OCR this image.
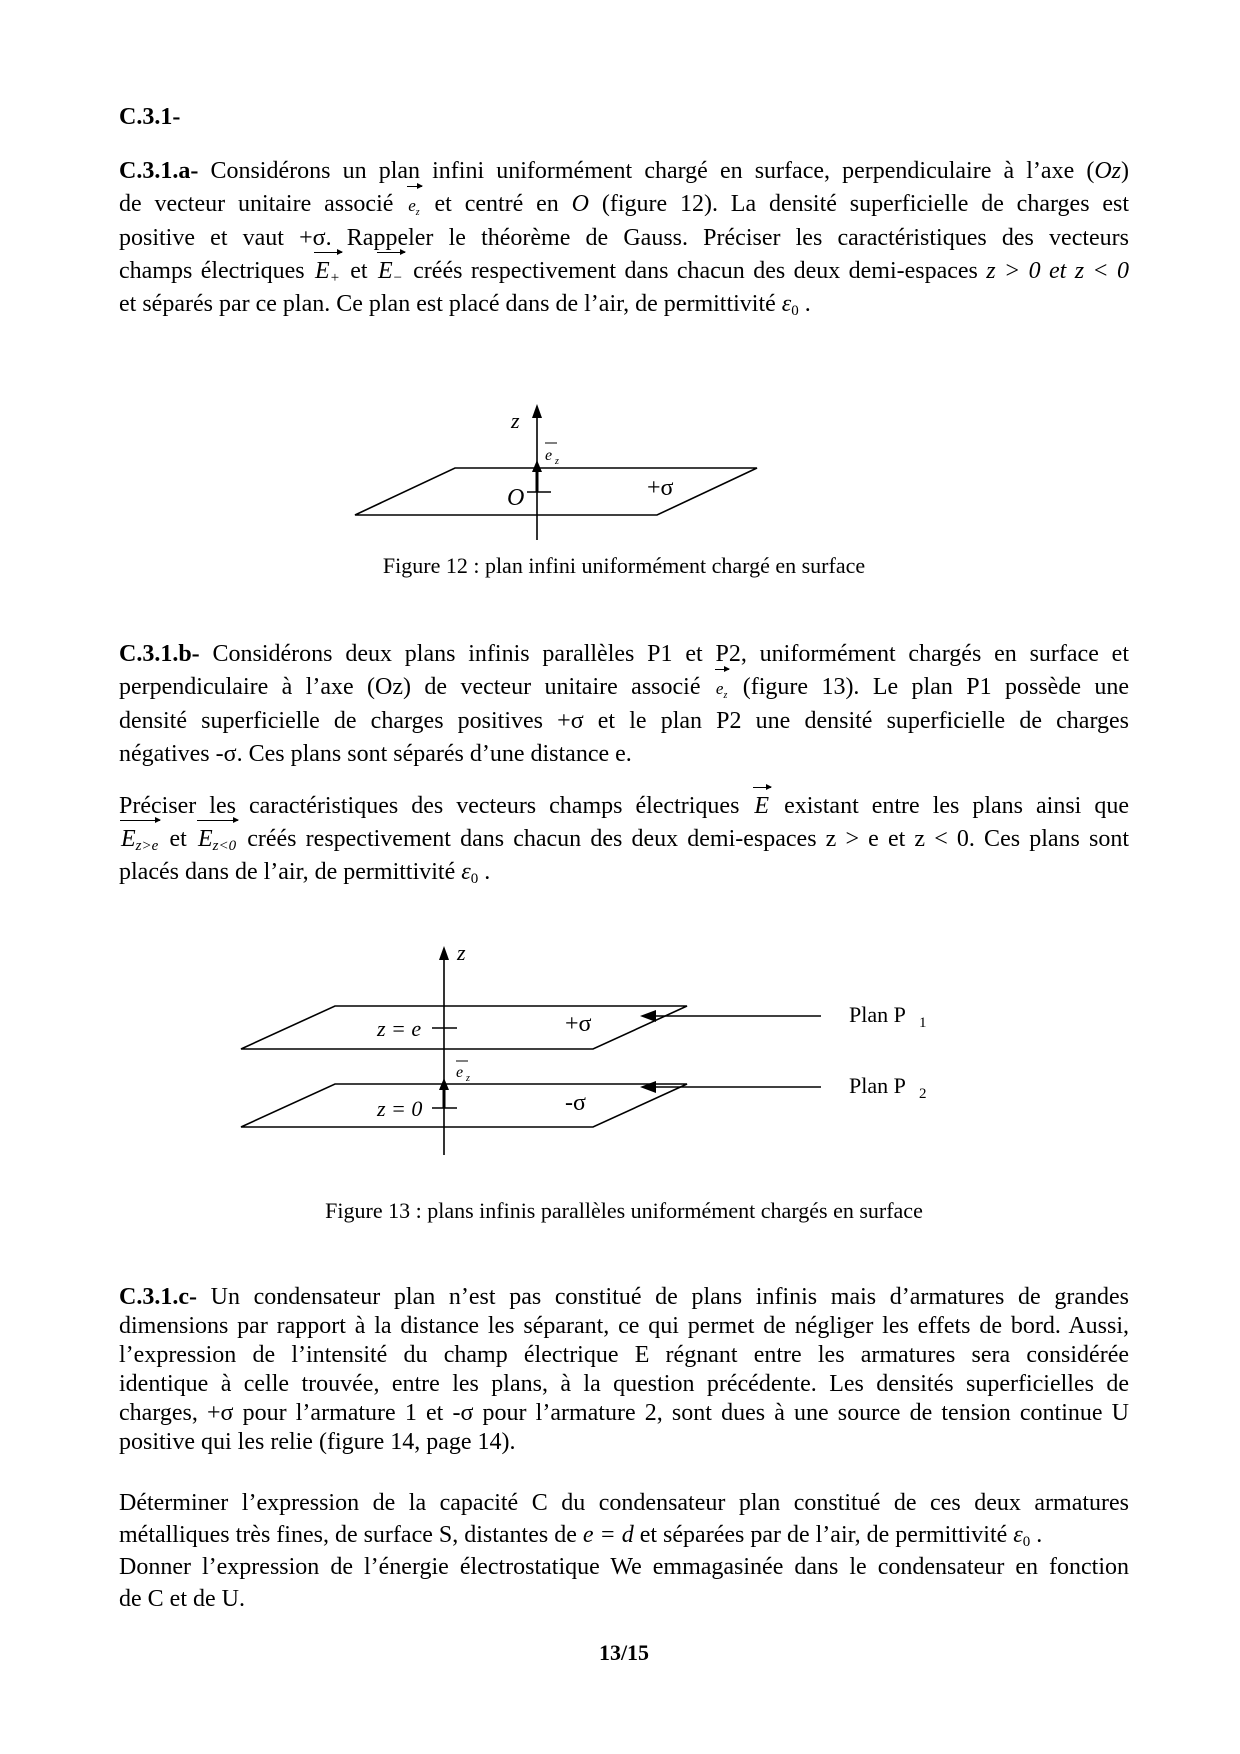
C.3.1-
C.3.1.a- Considérons un plan infini uniformément chargé en surface, perpendiculaire à l’axe (Oz)
de vecteur unitaire associé $e_z$ et centré en O (figure 12). La densité superficielle de charges est
positive et vaut +σ. Rappeler le théorème de Gauss. Préciser les caractéristiques des vecteurs
champs électriques $E_+$ et $E_-$ créés respectivement dans chacun des deux demi-espaces z > 0 et z < 0
et séparés par ce plan. Ce plan est placé dans de l’air, de permittivité $\varepsilon_0$ .
z
e z
O	+σ
Figure 12 : plan infini uniformément chargé en surface
C.3.1.b- Considérons deux plans infinis parallèles P1 et P2, uniformément chargés en surface et
perpendiculaire à l’axe (Oz) de vecteur unitaire associé $e_z$ (figure 13). Le plan P1 possède une
densité superficielle de charges positives +σ et le plan P2 une densité superficielle de charges
négatives -σ. Ces plans sont séparés d’une distance e.
Préciser les caractéristiques des vecteurs champs électriques E existant entre les plans ainsi que
$E_{z>e}$ et $E_{z<0}$ créés respectivement dans chacun des deux demi-espaces z > e et z < 0. Ces plans sont
placés dans de l’air, de permittivité $\varepsilon_0$ .
z
e z
z = e
z = 0
+σ
-σ
Plan P 1
Plan P 2
Figure 13 : plans infinis parallèles uniformément chargés en surface
C.3.1.c- Un condensateur plan n’est pas constitué de plans infinis mais d’armatures de grandes
dimensions par rapport à la distance les séparant, ce qui permet de négliger les effets de bord. Aussi,
l’expression de l’intensité du champ électrique E régnant entre les armatures sera considérée
identique à celle trouvée, entre les plans, à la question précédente. Les densités superficielles de
charges, +σ pour l’armature 1 et -σ pour l’armature 2, sont dues à une source de tension continue U
positive qui les relie (figure 14, page 14).
Déterminer l’expression de la capacité C du condensateur plan constitué de ces deux armatures
métalliques très fines, de surface S, distantes de e = d et séparées par de l’air, de permittivité $\varepsilon_0$ .
Donner l’expression de l’énergie électrostatique We emmagasinée dans le condensateur en fonction
de C et de U.
13/15
